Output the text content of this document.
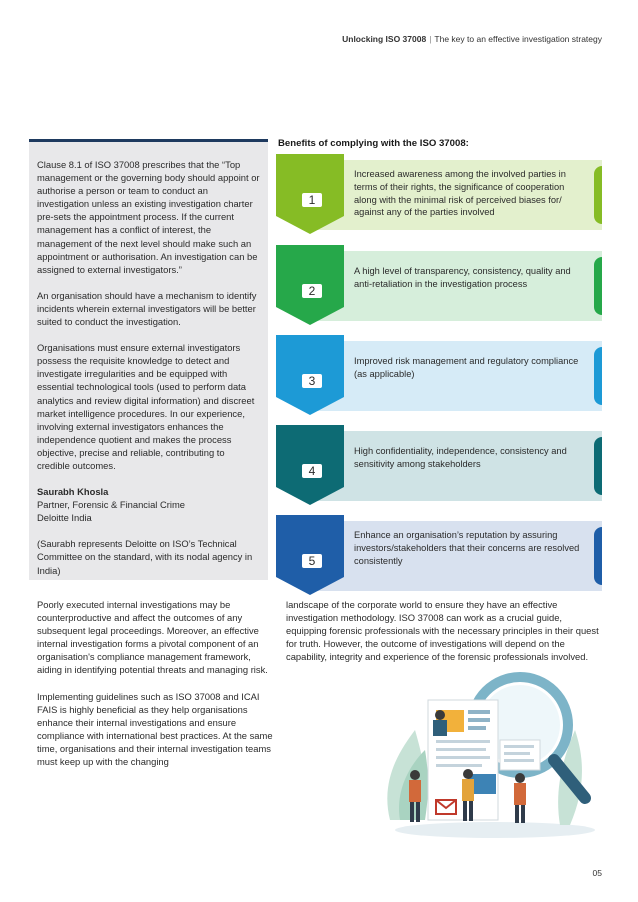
Unlocking ISO 37008 | The key to an effective investigation strategy

Clause 8.1 of ISO 37008 prescribes that the “Top management or the governing body should appoint or authorise a person or team to conduct an investigation unless an existing investigation charter pre-sets the appointment process. If the current management has a conflict of interest, the management of the next level should make such an appointment or authorisation. An investigation can be assigned to external investigators.”

An organisation should have a mechanism to identify incidents wherein external investigators will be better suited to conduct the investigation.

Organisations must ensure external investigators possess the requisite knowledge to detect and investigate irregularities and be equipped with essential technological tools (used to perform data analytics and review digital information) and discreet market intelligence procedures. In our experience, involving external investigators enhances the independence quotient and makes the process objective, precise and reliable, contributing to credible outcomes.

Saurabh Khosla

Partner, Forensic & Financial Crime

Deloitte India

(Saurabh represents Deloitte on ISO’s Technical Committee on the standard, with its nodal agency in India)

Benefits of complying with the ISO 37008:
1
Increased awareness among the involved parties in terms of their rights, the significance of cooperation along with the minimal risk of perceived biases for/ against any of the parties involved
2
A high level of transparency, consistency, quality and anti-retaliation in the investigation process
3
Improved risk management and regulatory compliance (as applicable)
4
High confidentiality, independence, consistency and sensitivity among stakeholders
5
Enhance an organisation’s reputation by assuring investors/stakeholders that their concerns are resolved consistently

Poorly executed internal investigations may be counterproductive and affect the outcomes of any subsequent legal proceedings. Moreover, an effective internal investigation forms a pivotal component of an organisation's compliance management framework, aiding in identifying potential threats and managing risk.

Implementing guidelines such as ISO 37008 and ICAI FAIS is highly beneficial as they help organisations enhance their internal investigations and ensure compliance with international best practices. At the same time, organisations and their internal investigation teams must keep up with the changing

landscape of the corporate world to ensure they have an effective investigation methodology. ISO 37008 can work as a crucial guide, equipping forensic professionals with the necessary principles in their quest for truth. However, the outcome of investigations will depend on the capability, integrity and experience of the forensic professionals involved.

05
